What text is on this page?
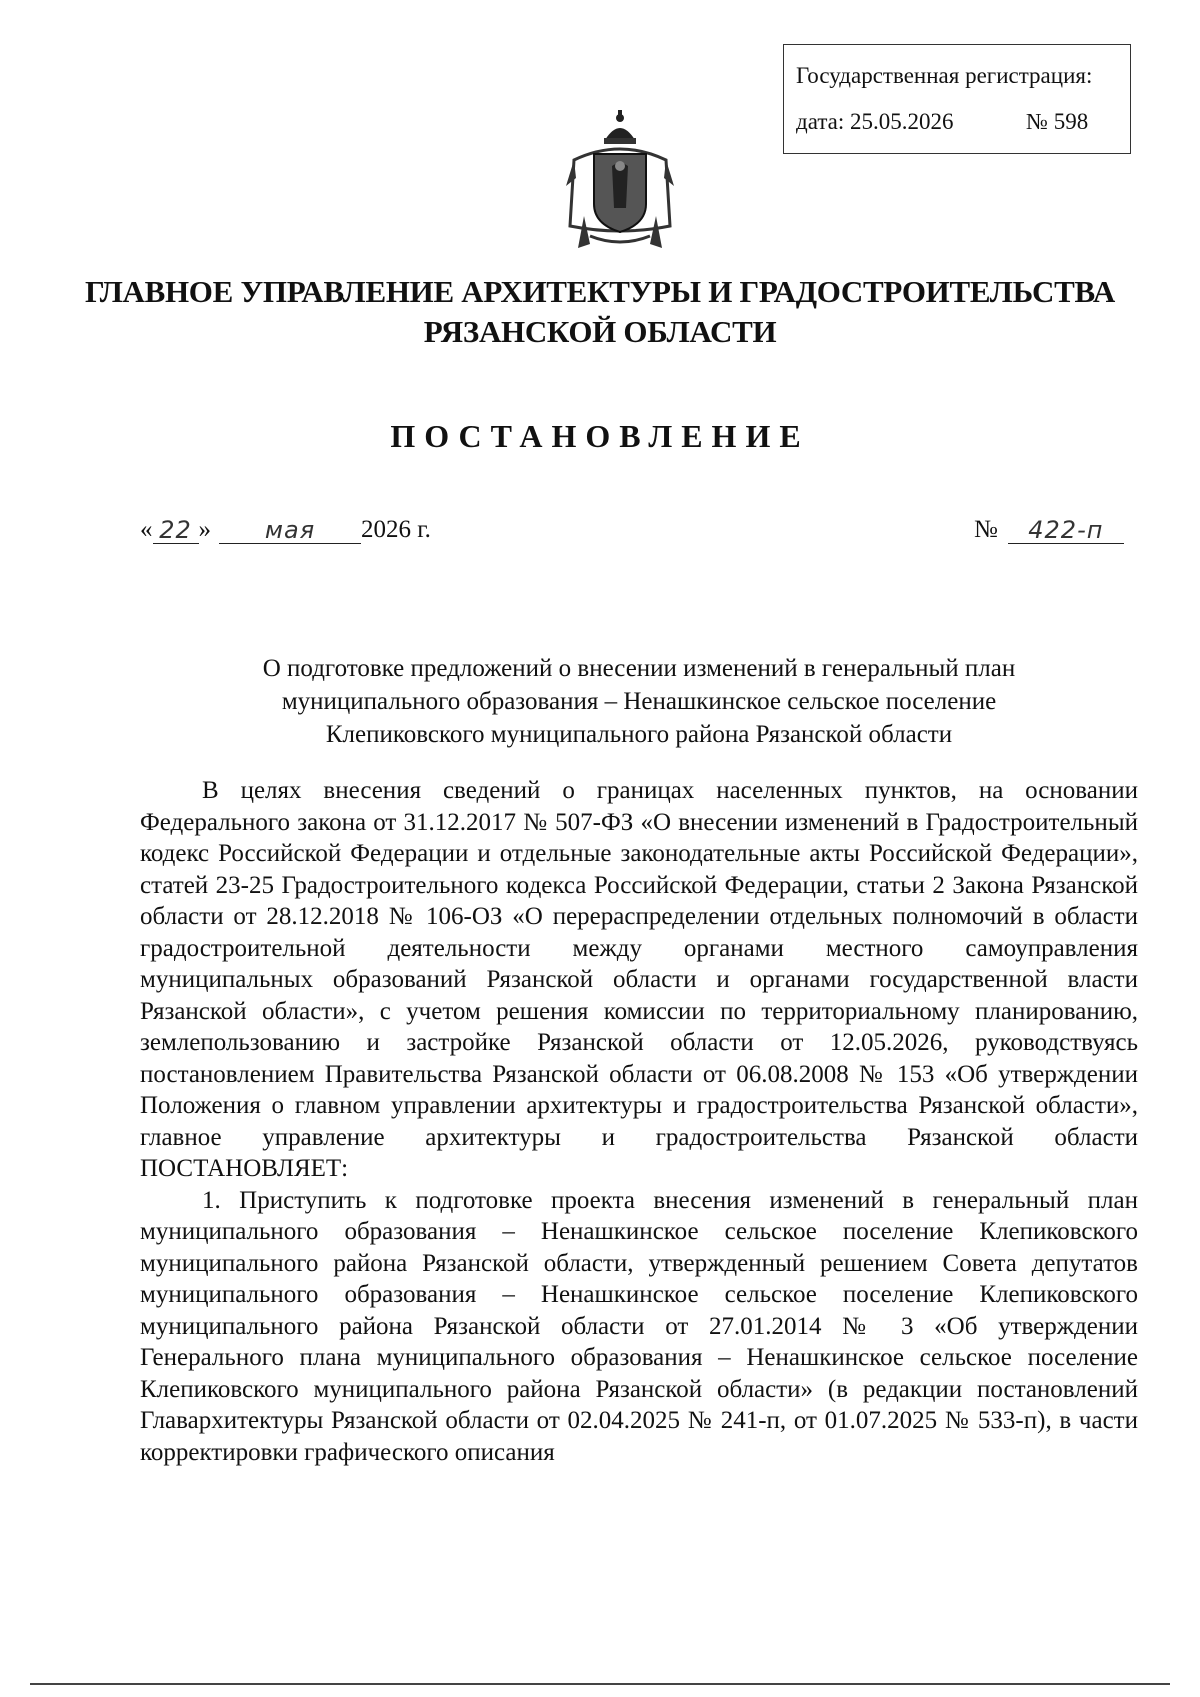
Государственная регистрация:
дата: 25.05.2026	№ 598
ГЛАВНОЕ УПРАВЛЕНИЕ АРХИТЕКТУРЫ И ГРАДОСТРОИТЕЛЬСТВА
РЯЗАНСКОЙ ОБЛАСТИ
ПОСТАНОВЛЕНИЕ
« 22 »	мая	2026 г.	№	422-п
О подготовке предложений о внесении изменений в генеральный план
муниципального образования – Ненашкинское сельское поселение
Клепиковского муниципального района Рязанской области

В целях внесения сведений о границах населенных пунктов, на основании Федерального закона от 31.12.2017 № 507-ФЗ «О внесении изменений в Градостроительный кодекс Российской Федерации и отдельные законодательные акты Российской Федерации», статей 23-25 Градостроительного кодекса Российской Федерации, статьи 2 Закона Рязанской области от 28.12.2018 № 106-ОЗ «О перераспределении отдельных полномочий в области градостроительной деятельности между органами местного самоуправления муниципальных образований Рязанской области и органами государственной власти Рязанской области», с учетом решения комиссии по территориальному планированию, землепользованию и застройке Рязанской области от 12.05.2026, руководствуясь постановлением Правительства Рязанской области от 06.08.2008 № 153 «Об утверждении Положения о главном управлении архитектуры и градостроительства Рязанской области», главное управление архитектуры и градостроительства Рязанской области ПОСТАНОВЛЯЕТ:

1. Приступить к подготовке проекта внесения изменений в генеральный план муниципального образования – Ненашкинское сельское поселение Клепиковского муниципального района Рязанской области, утвержденный решением Совета депутатов муниципального образования – Ненашкинское сельское поселение Клепиковского муниципального района Рязанской области от 27.01.2014 № 3 «Об утверждении Генерального плана муниципального образования – Ненашкинское сельское поселение Клепиковского муниципального района Рязанской области» (в редакции постановлений Главархитектуры Рязанской области от 02.04.2025 № 241-п, от 01.07.2025 № 533-п), в части корректировки графического описания
